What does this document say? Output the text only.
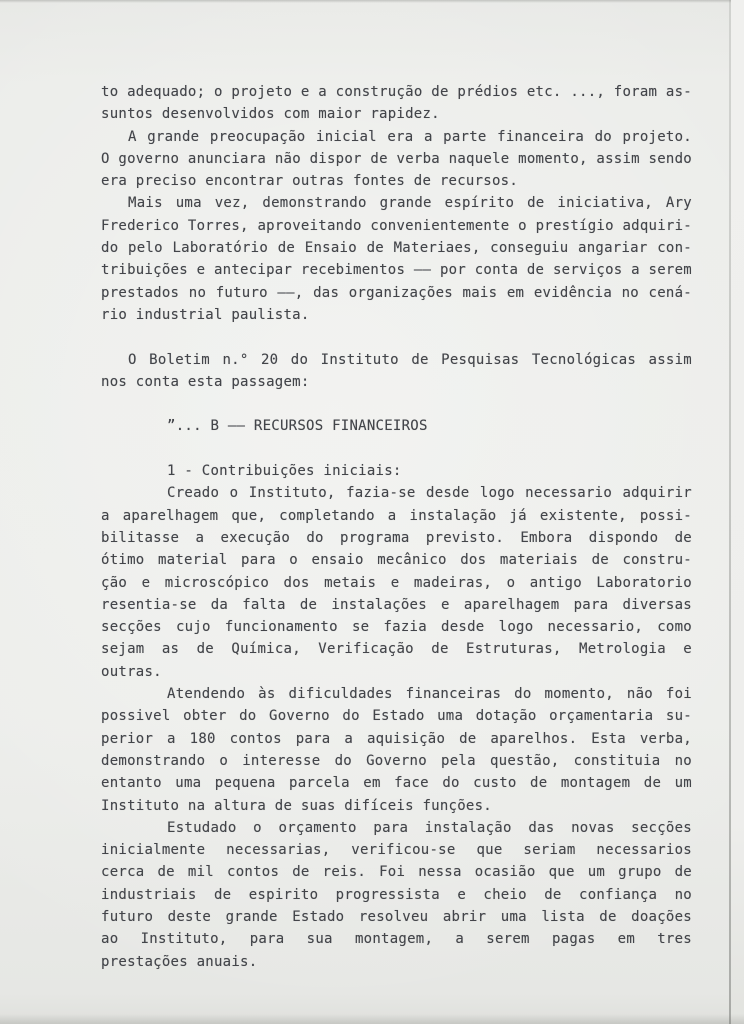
to adequado; o projeto e a construção de prédios etc. ..., foram as-
suntos desenvolvidos com maior rapidez.
A grande preocupação inicial era a parte financeira do projeto.
O governo anunciara não dispor de verba naquele momento, assim sendo
era preciso encontrar outras fontes de recursos.
Mais uma vez, demonstrando grande espírito de iniciativa, Ary
Frederico Torres, aproveitando convenientemente o prestígio adquiri-
do pelo Laboratório de Ensaio de Materiaes, conseguiu angariar con-
tribuições e antecipar recebimentos —— por conta de serviços a serem
prestados no futuro ——, das organizações mais em evidência no cená-
rio industrial paulista.
O Boletim n.° 20 do Instituto de Pesquisas Tecnológicas assim
nos conta esta passagem:
”... B —— RECURSOS FINANCEIROS
1 - Contribuições iniciais:
Creado o Instituto, fazia-se desde logo necessario adquirir
a aparelhagem que, completando a instalação já existente, possi-
bilitasse a execução do programa previsto. Embora dispondo de
ótimo material para o ensaio mecânico dos materiais de constru-
ção e microscópico dos metais e madeiras, o antigo Laboratorio
resentia-se da falta de instalações e aparelhagem para diversas
secções cujo funcionamento se fazia desde logo necessario, como
sejam as de Química, Verificação de Estruturas, Metrologia e
outras.
Atendendo às dificuldades financeiras do momento, não foi
possivel obter do Governo do Estado uma dotação orçamentaria su-
perior a 180 contos para a aquisição de aparelhos. Esta verba,
demonstrando o interesse do Governo pela questão, constituia no
entanto uma pequena parcela em face do custo de montagem de um
Instituto na altura de suas difíceis funções.
Estudado o orçamento para instalação das novas secções
inicialmente necessarias, verificou-se que seriam necessarios
cerca de mil contos de reis. Foi nessa ocasião que um grupo de
industriais de espirito progressista e cheio de confiança no
futuro deste grande Estado resolveu abrir uma lista de doações
ao Instituto, para sua montagem, a serem pagas em tres
prestações anuais.
